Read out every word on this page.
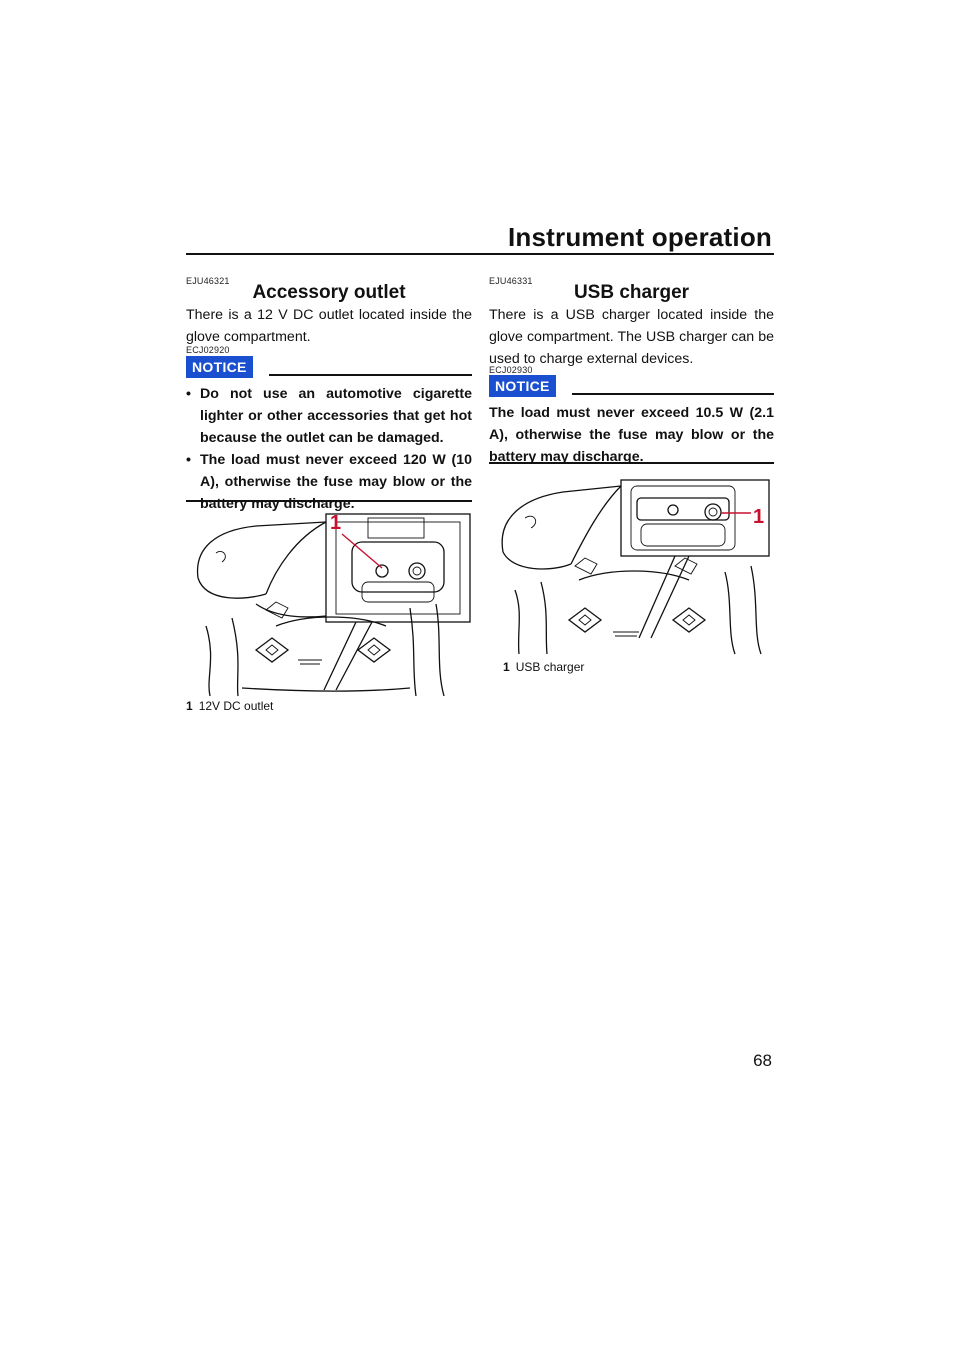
Instrument operation
EJU46321
Accessory outlet

There is a 12 V DC outlet located inside the glove compartment.

ECJ02920
NOTICE
• Do not use an automotive cigarette lighter or other accessories that get hot because the outlet can be damaged.
• The load must never exceed 120 W (10 A), otherwise the fuse may blow or the battery may discharge.
1
1 12V DC outlet
EJU46331
USB charger

There is a USB charger located inside the glove compartment. The USB charger can be used to charge external devices.

ECJ02930
NOTICE

The load must never exceed 10.5 W (2.1 A), otherwise the fuse may blow or the battery may discharge.

1
1 USB charger
68
